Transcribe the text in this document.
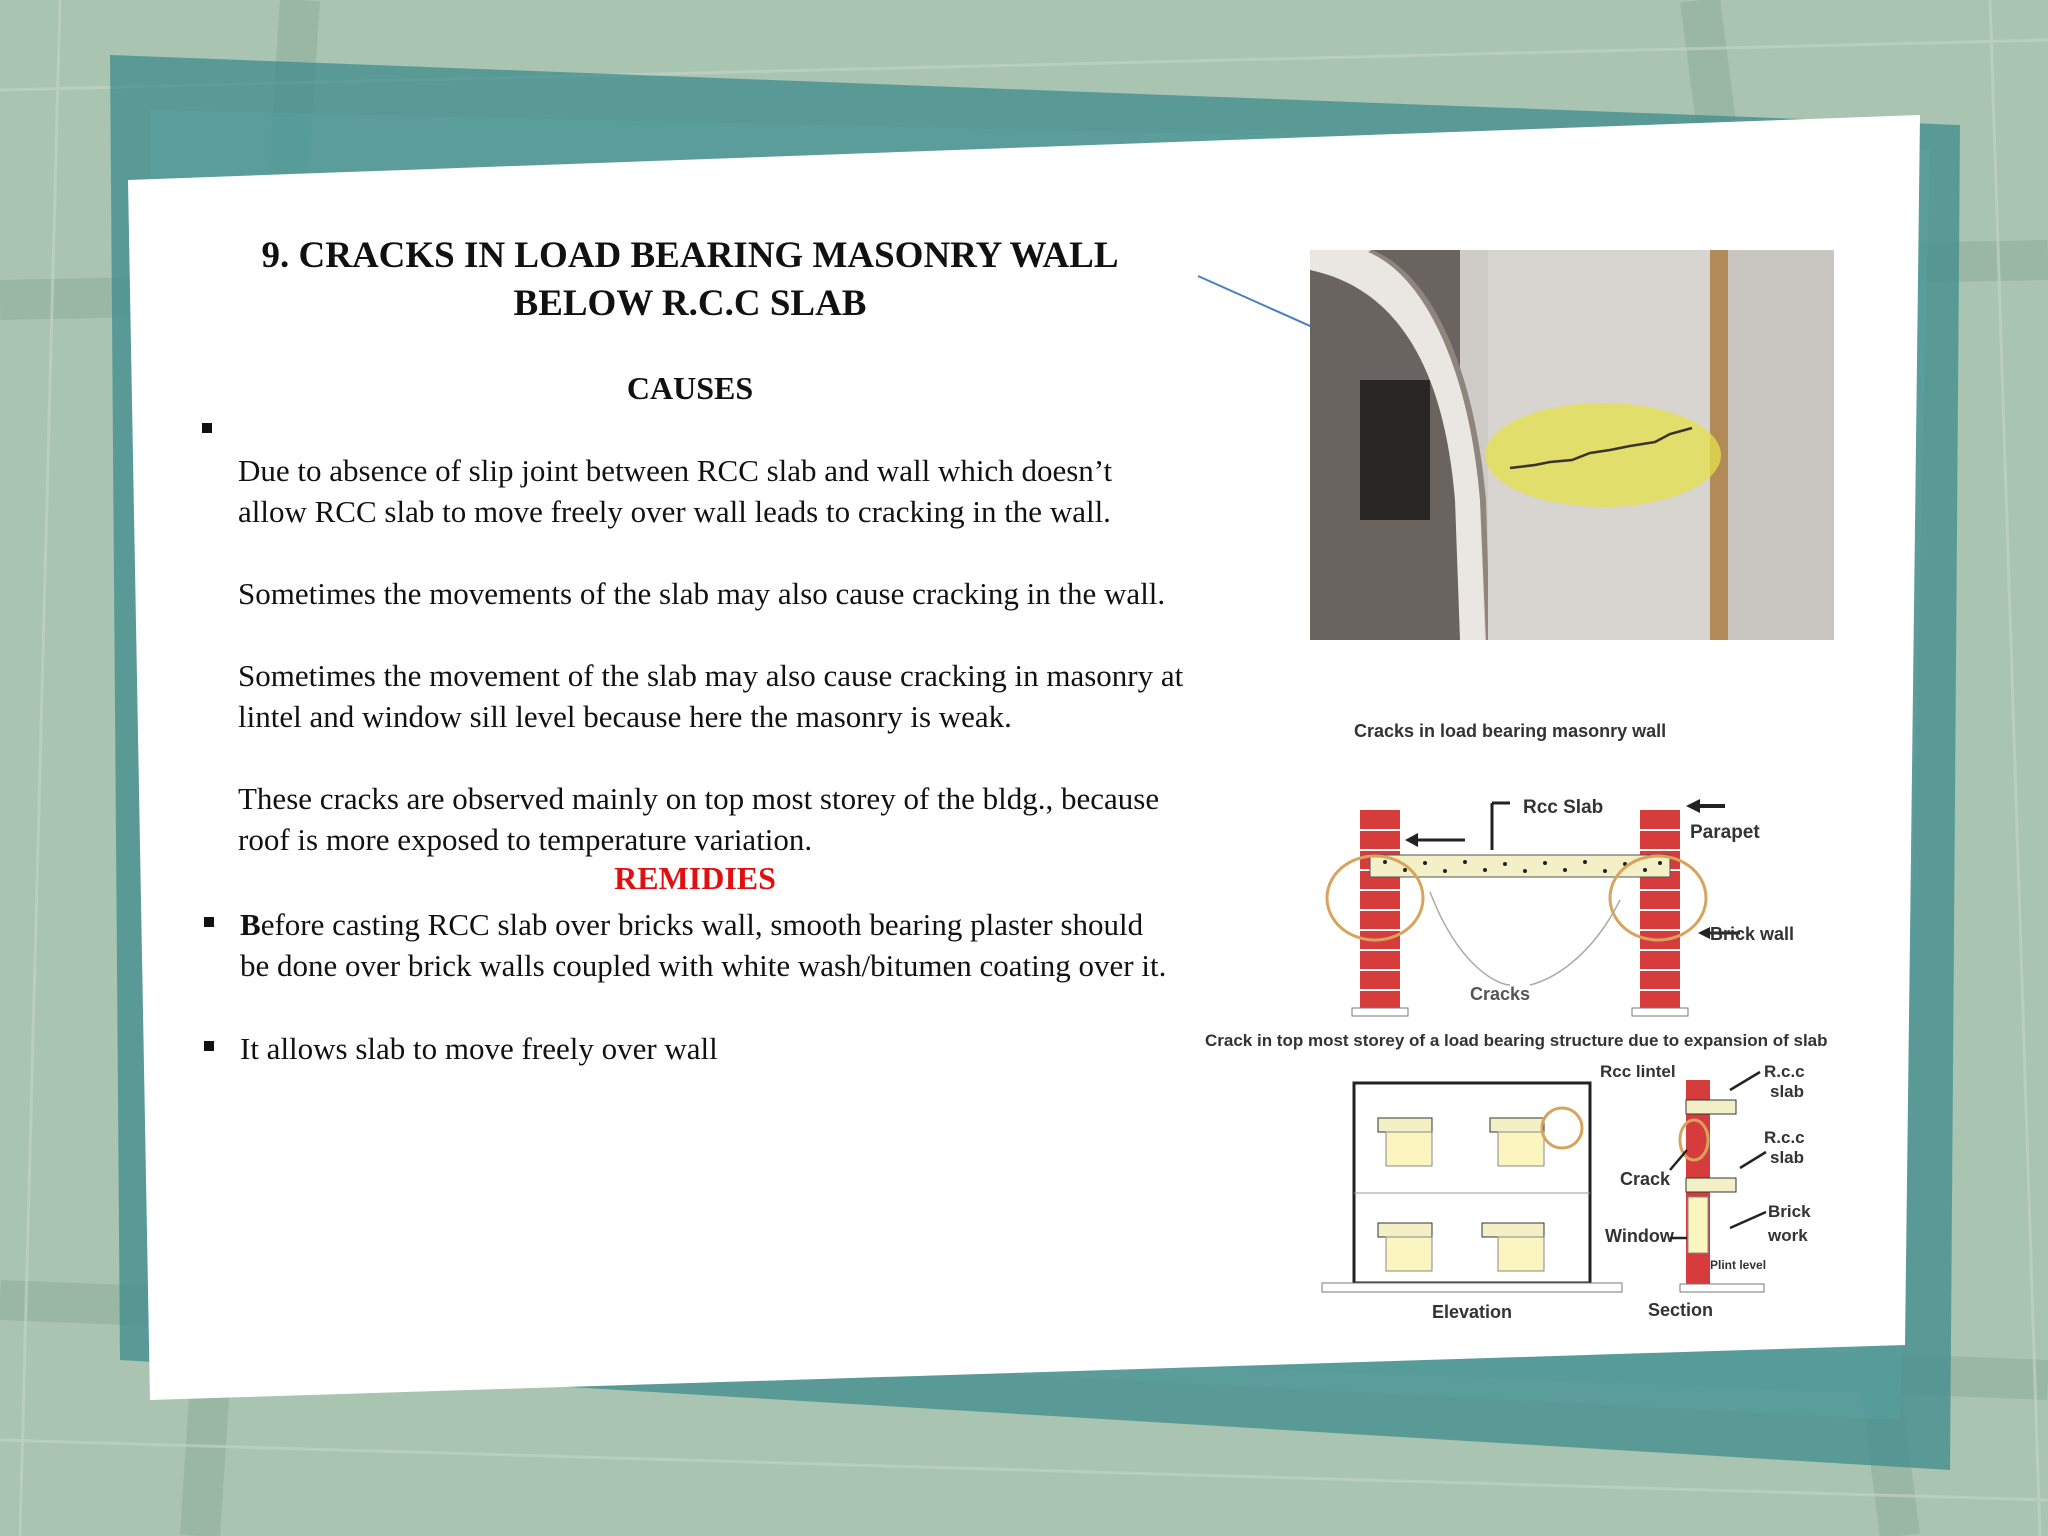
9. CRACKS IN LOAD BEARING MASONRY WALL
BELOW R.C.C SLAB
CAUSES
Due to absence of slip joint between RCC slab and wall which doesn’t allow RCC slab to move freely over wall leads to cracking in the wall.
Sometimes the movements of the slab may also cause cracking in the wall.
Sometimes the movement of the slab may also cause cracking in masonry at lintel and window sill level because here the masonry is weak.
These cracks are observed mainly on top most storey of the bldg., because roof is more exposed to temperature variation.
REMIDIES
Before casting RCC slab over bricks wall, smooth bearing plaster should be done over brick walls coupled with white wash/bitumen coating over it.
It allows slab to move freely over wall
Cracks in load bearing masonry wall
Rcc Slab
Parapet
Brick wall
Cracks
Crack in top most storey of a load bearing structure due to expansion of slab
Elevation
Rcc lintel	R.c.c
slab
R.c.c
slab
Crack
Brick
work
Window
Plint level
Section
